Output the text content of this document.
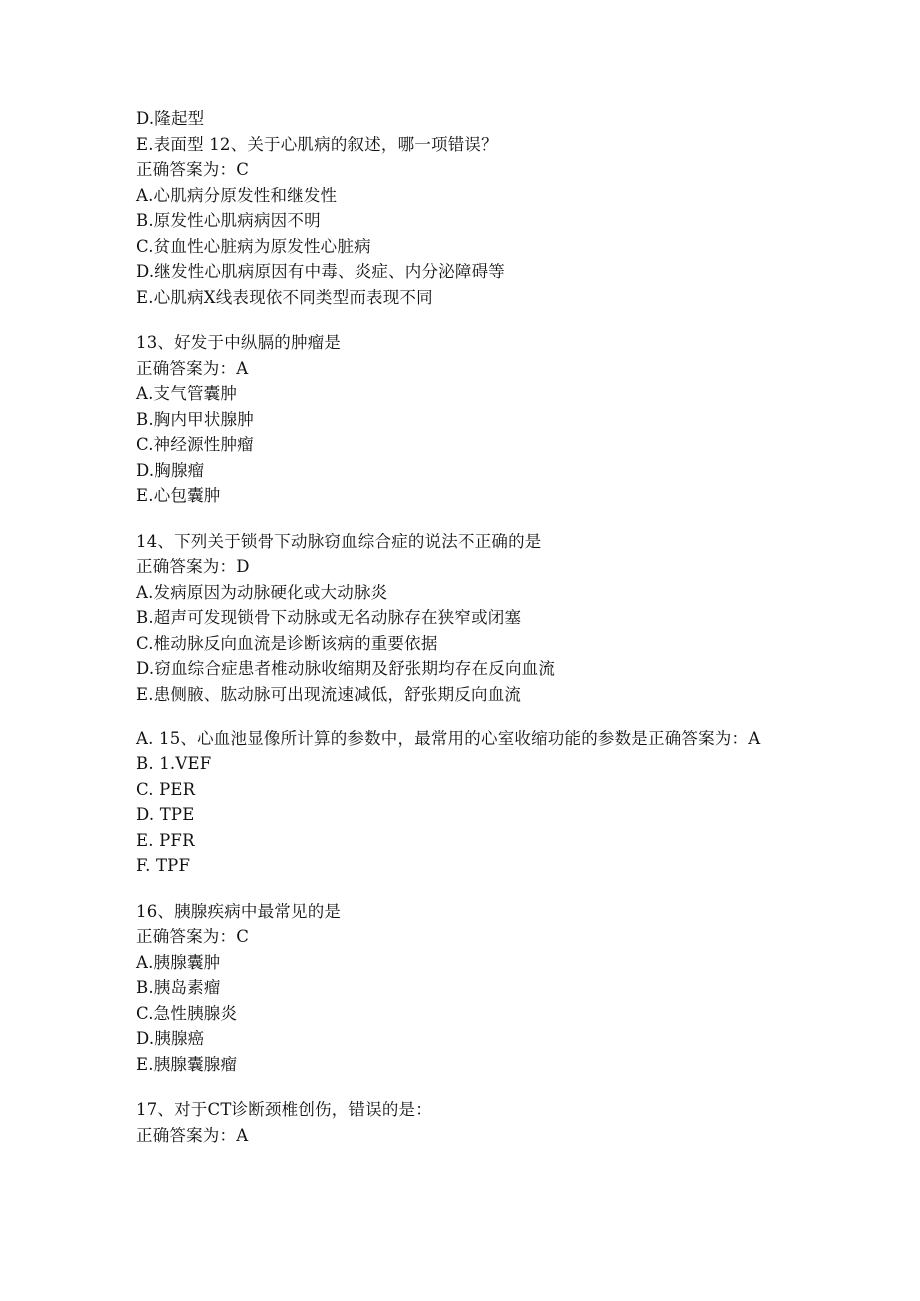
D.隆起型
E.表面型 12、关于心肌病的叙述，哪一项错误？
正确答案为：C
A.心肌病分原发性和继发性
B.原发性心肌病病因不明
C.贫血性心脏病为原发性心脏病
D.继发性心肌病原因有中毒、炎症、内分泌障碍等
E.心肌病X线表现依不同类型而表现不同
13、好发于中纵膈的肿瘤是
正确答案为：A
A.支气管囊肿
B.胸内甲状腺肿
C.神经源性肿瘤
D.胸腺瘤
E.心包囊肿
14、下列关于锁骨下动脉窃血综合症的说法不正确的是
正确答案为：D
A.发病原因为动脉硬化或大动脉炎
B.超声可发现锁骨下动脉或无名动脉存在狭窄或闭塞
C.椎动脉反向血流是诊断该病的重要依据
D.窃血综合症患者椎动脉收缩期及舒张期均存在反向血流
E.患侧腋、肱动脉可出现流速减低，舒张期反向血流
A. 15、心血池显像所计算的参数中，最常用的心室收缩功能的参数是正确答案为：A
B. 1.VEF
C. PER
D. TPE
E. PFR
F. TPF
16、胰腺疾病中最常见的是
正确答案为：C
A.胰腺囊肿
B.胰岛素瘤
C.急性胰腺炎
D.胰腺癌
E.胰腺囊腺瘤
17、对于CT诊断颈椎创伤，错误的是：
正确答案为：A
